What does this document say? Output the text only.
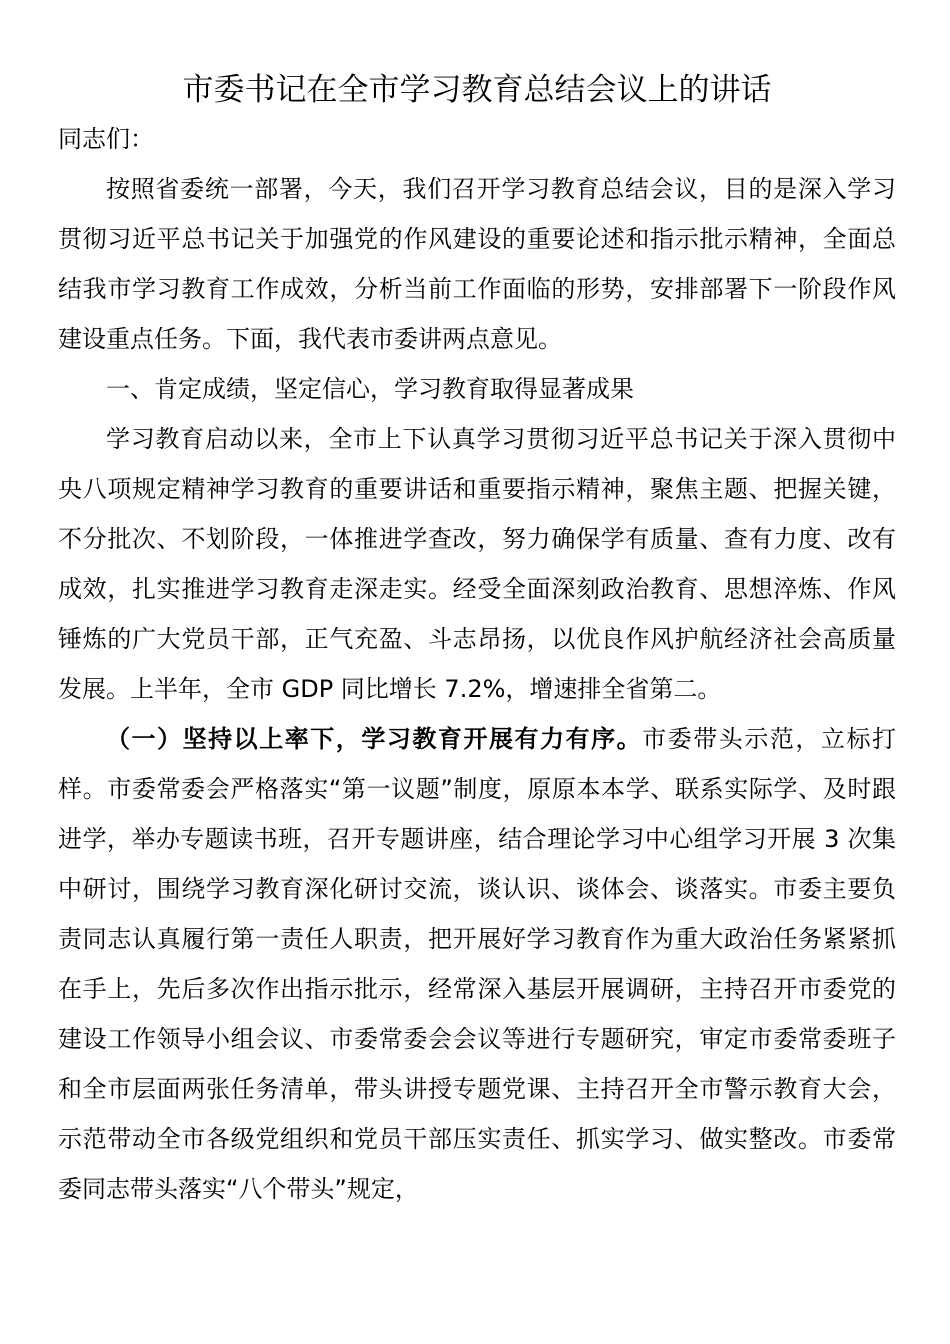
市委书记在全市学习教育总结会议上的讲话

同志们：

按照省委统一部署，今天，我们召开学习教育总结会议，目的是深入学习贯彻习近平总书记关于加强党的作风建设的重要论述和指示批示精神，全面总结我市学习教育工作成效，分析当前工作面临的形势，安排部署下一阶段作风建设重点任务。下面，我代表市委讲两点意见。

一、肯定成绩，坚定信心，学习教育取得显著成果

学习教育启动以来，全市上下认真学习贯彻习近平总书记关于深入贯彻中央八项规定精神学习教育的重要讲话和重要指示精神，聚焦主题、把握关键，不分批次、不划阶段，一体推进学查改，努力确保学有质量、查有力度、改有成效，扎实推进学习教育走深走实。经受全面深刻政治教育、思想淬炼、作风锤炼的广大党员干部，正气充盈、斗志昂扬，以优良作风护航经济社会高质量发展。上半年，全市 GDP 同比增长 7.2%，增速排全省第二。

（一）坚持以上率下，学习教育开展有力有序。市委带头示范，立标打样。市委常委会严格落实“第一议题”制度，原原本本学、联系实际学、及时跟进学，举办专题读书班，召开专题讲座，结合理论学习中心组学习开展 3 次集中研讨，围绕学习教育深化研讨交流，谈认识、谈体会、谈落实。市委主要负责同志认真履行第一责任人职责，把开展好学习教育作为重大政治任务紧紧抓在手上，先后多次作出指示批示，经常深入基层开展调研，主持召开市委党的建设工作领导小组会议、市委常委会会议等进行专题研究，审定市委常委班子和全市层面两张任务清单，带头讲授专题党课、主持召开全市警示教育大会，示范带动全市各级党组织和党员干部压实责任、抓实学习、做实整改。市委常委同志带头落实“八个带头”规定，
